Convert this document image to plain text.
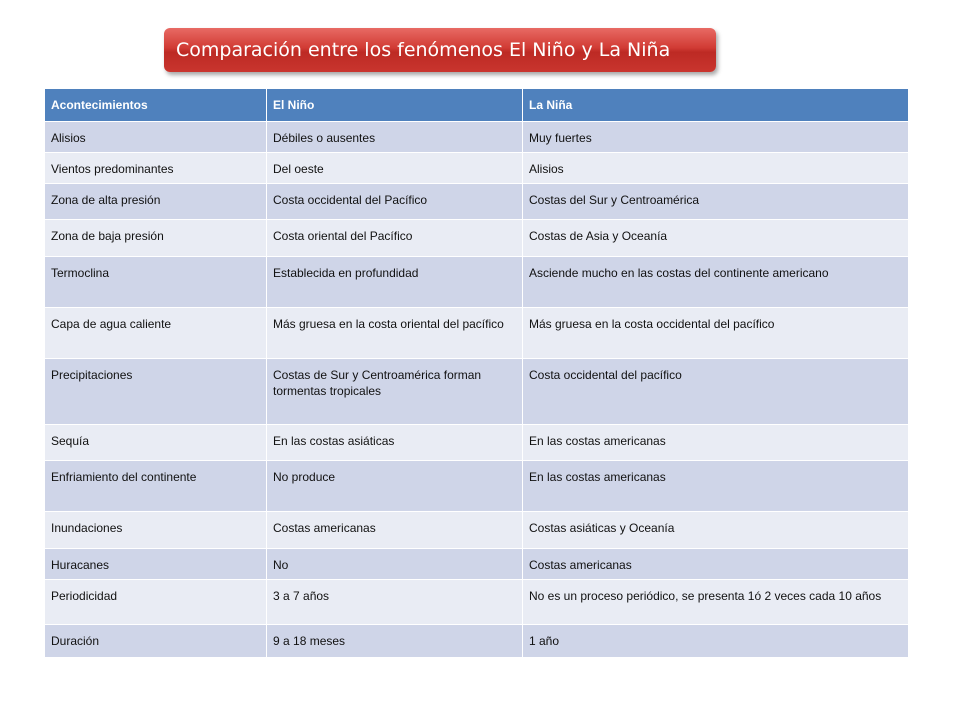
Comparación entre los fenómenos El Niño y La Niña
Acontecimientos	El Niño	La Niña
Alisios	Débiles o ausentes	Muy fuertes
Vientos predominantes	Del oeste	Alisios
Zona de alta presión	Costa occidental del Pacífico	Costas del Sur y Centroamérica
Zona de baja presión	Costa oriental del Pacífico	Costas de Asia y Oceanía
Termoclina	Establecida en profundidad	Asciende mucho en las costas del continente americano
Capa de agua caliente	Más gruesa en la costa oriental del pacífico	Más gruesa en la costa occidental del pacífico
Precipitaciones	Costas de Sur y Centroamérica forman tormentas tropicales	Costa occidental del pacífico
Sequía	En las costas asiáticas	En las costas americanas
Enfriamiento del continente	No produce	En las costas americanas
Inundaciones	Costas americanas	Costas asiáticas y Oceanía
Huracanes	No	Costas americanas
Periodicidad	3 a 7 años	No es un proceso periódico, se presenta 1ó 2 veces cada 10 años
Duración	9 a 18 meses	1 año
